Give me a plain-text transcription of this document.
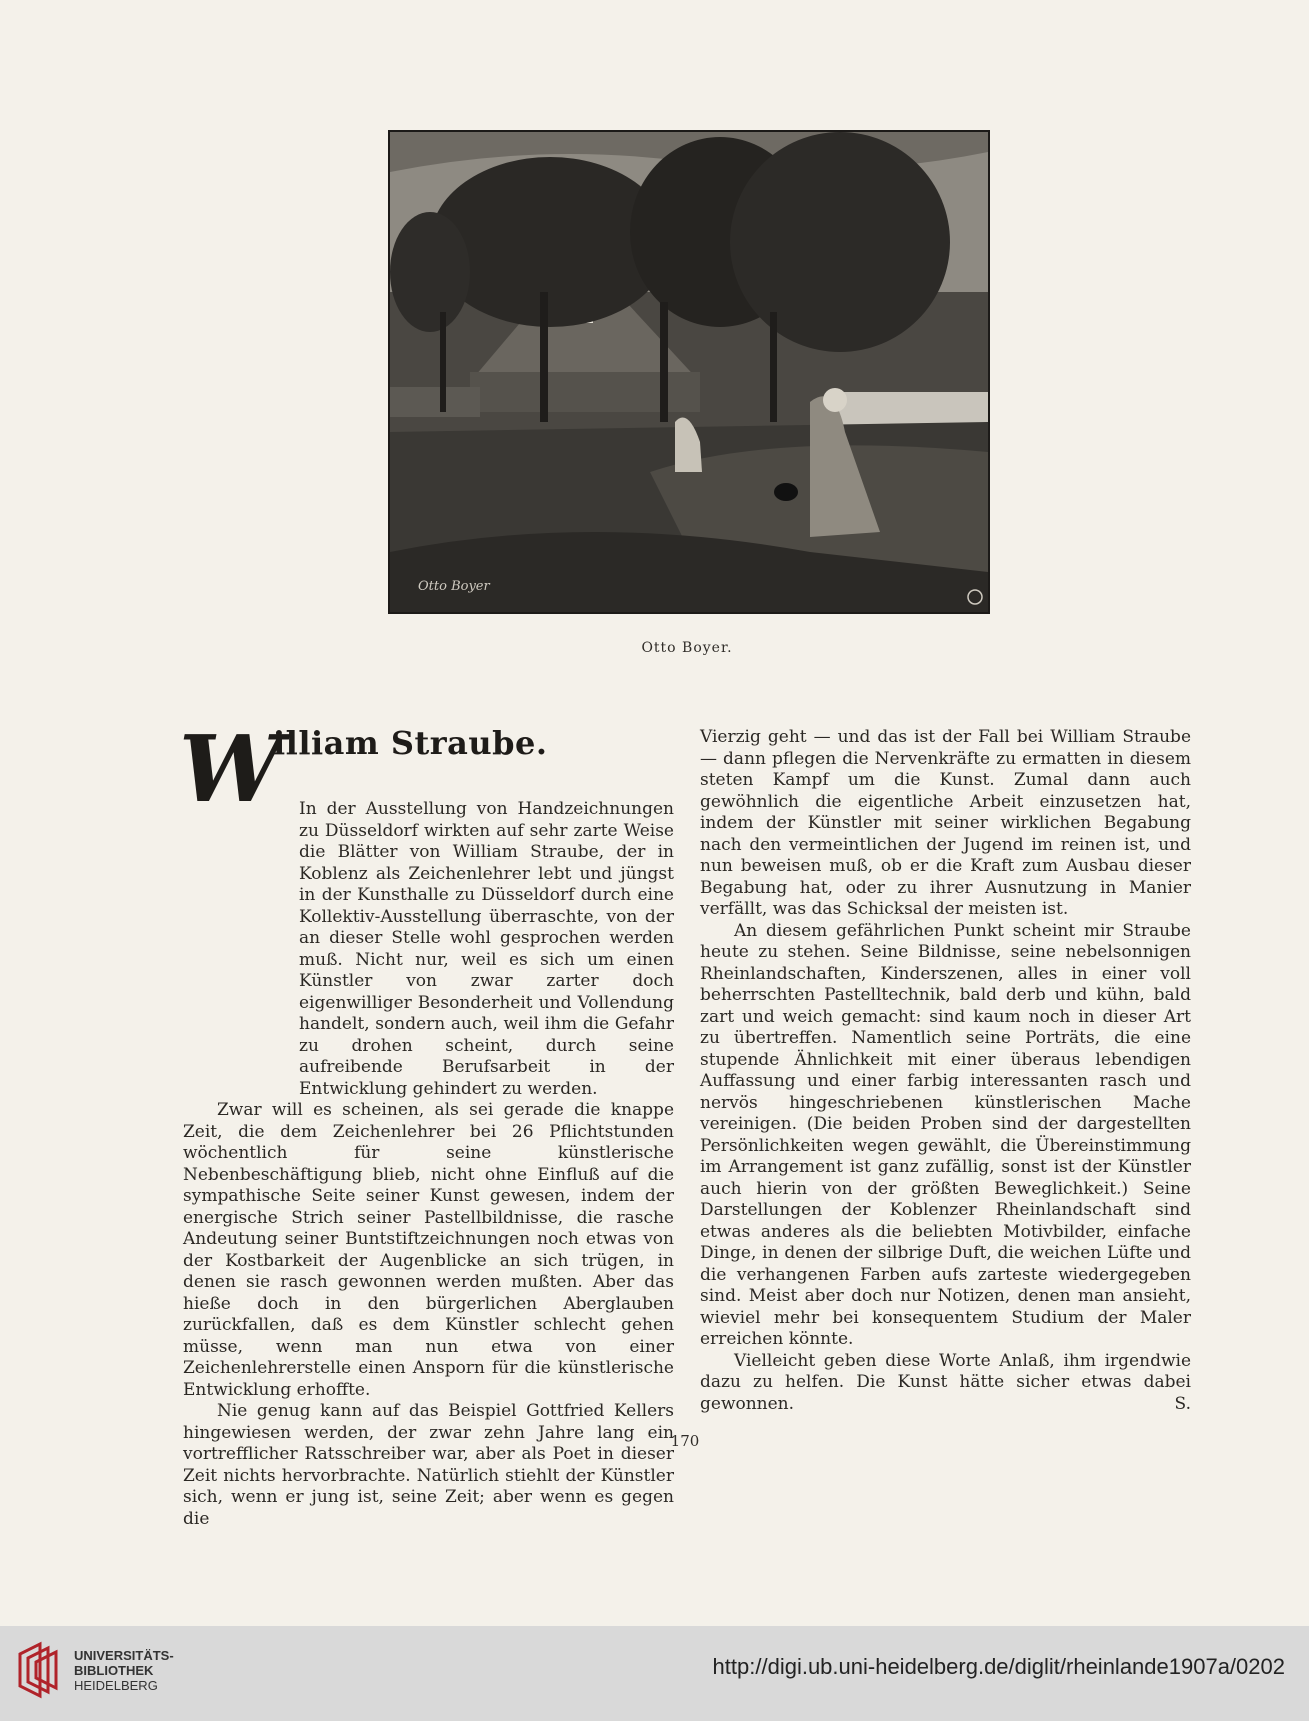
Otto Boyer
Otto Boyer.
W
illiam Straube.

In der Ausstellung von Handzeichnungen zu Düsseldorf wirkten auf sehr zarte Weise die Blätter von William Straube, der in Koblenz als Zeichenlehrer lebt und jüngst in der Kunsthalle zu Düsseldorf durch eine Kollektiv-Ausstellung überraschte, von der an dieser Stelle wohl gesprochen werden muß. Nicht nur, weil es sich um einen Künstler von zwar zarter doch eigenwilliger Besonderheit und Vollendung handelt, sondern auch, weil ihm die Gefahr zu drohen scheint, durch seine aufreibende Berufsarbeit in der Entwicklung gehindert zu werden.

Zwar will es scheinen, als sei gerade die knappe Zeit, die dem Zeichenlehrer bei 26 Pflichtstunden wöchentlich für seine künstlerische Nebenbeschäftigung blieb, nicht ohne Einfluß auf die sympathische Seite seiner Kunst gewesen, indem der energische Strich seiner Pastellbildnisse, die rasche Andeutung seiner Buntstiftzeichnungen noch etwas von der Kostbarkeit der Augenblicke an sich trügen, in denen sie rasch gewonnen werden mußten. Aber das hieße doch in den bürgerlichen Aberglauben zurückfallen, daß es dem Künstler schlecht gehen müsse, wenn man nun etwa von einer Zeichenlehrerstelle einen Ansporn für die künstlerische Entwicklung erhoffte.

Nie genug kann auf das Beispiel Gottfried Kellers hingewiesen werden, der zwar zehn Jahre lang ein vortrefflicher Ratsschreiber war, aber als Poet in dieser Zeit nichts hervorbrachte. Natürlich stiehlt der Künstler sich, wenn er jung ist, seine Zeit; aber wenn es gegen die

Vierzig geht — und das ist der Fall bei William Straube — dann pflegen die Nervenkräfte zu ermatten in diesem steten Kampf um die Kunst. Zumal dann auch gewöhnlich die eigentliche Arbeit einzusetzen hat, indem der Künstler mit seiner wirklichen Begabung nach den vermeintlichen der Jugend im reinen ist, und nun beweisen muß, ob er die Kraft zum Ausbau dieser Begabung hat, oder zu ihrer Ausnutzung in Manier verfällt, was das Schicksal der meisten ist.

An diesem gefährlichen Punkt scheint mir Straube heute zu stehen. Seine Bildnisse, seine nebelsonnigen Rheinlandschaften, Kinderszenen, alles in einer voll beherrschten Pastelltechnik, bald derb und kühn, bald zart und weich gemacht: sind kaum noch in dieser Art zu übertreffen. Namentlich seine Porträts, die eine stupende Ähnlichkeit mit einer überaus lebendigen Auffassung und einer farbig interessanten rasch und nervös hingeschriebenen künstlerischen Mache vereinigen. (Die beiden Proben sind der dargestellten Persönlichkeiten wegen gewählt, die Übereinstimmung im Arrangement ist ganz zufällig, sonst ist der Künstler auch hierin von der größten Beweglichkeit.) Seine Darstellungen der Koblenzer Rheinlandschaft sind etwas anderes als die beliebten Motivbilder, einfache Dinge, in denen der silbrige Duft, die weichen Lüfte und die verhangenen Farben aufs zarteste wiedergegeben sind. Meist aber doch nur Notizen, denen man ansieht, wieviel mehr bei konsequentem Studium der Maler erreichen könnte.

Vielleicht geben diese Worte Anlaß, ihm irgendwie dazu zu helfen. Die Kunst hätte sicher etwas dabei gewonnen.	S.

170
UNIVERSITÄTS-
BIBLIOTHEK
HEIDELBERG
http://digi.ub.uni-heidelberg.de/diglit/rheinlande1907a/0202
